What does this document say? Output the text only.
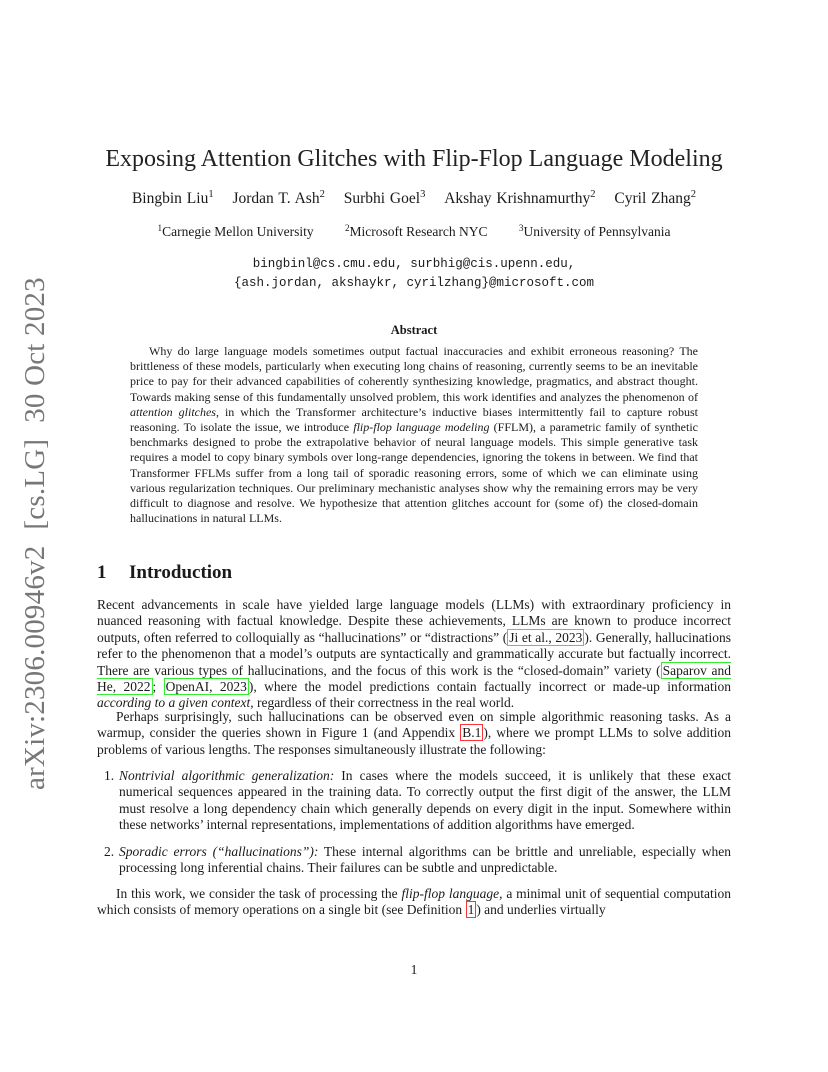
arXiv:2306.00946v2[cs.LG]30 Oct 2023
Exposing Attention Glitches with Flip-Flop Language Modeling
Bingbin Liu$^1$ Jordan T. Ash$^2$ Surbhi Goel$^3$ Akshay Krishnamurthy$^2$ Cyril Zhang$^2$
$^1$Carnegie Mellon University	$^2$Microsoft Research NYC	$^3$University of Pennsylvania
bingbinl@cs.cmu.edu, surbhig@cis.upenn.edu,
{ash.jordan, akshaykr, cyrilzhang}@microsoft.com
Abstract

Why do large language models sometimes output factual inaccuracies and exhibit erroneous reasoning? The brittleness of these models, particularly when executing long chains of reasoning, currently seems to be an inevitable price to pay for their advanced capabilities of coherently synthesizing knowledge, pragmatics, and abstract thought. Towards making sense of this fundamentally unsolved problem, this work identifies and analyzes the phenomenon of attention glitches, in which the Transformer architecture’s inductive biases intermittently fail to capture robust reasoning. To isolate the issue, we introduce flip-flop language modeling (FFLM), a parametric family of synthetic benchmarks designed to probe the extrapolative behavior of neural language models. This simple generative task requires a model to copy binary symbols over long-range dependencies, ignoring the tokens in between. We find that Transformer FFLMs suffer from a long tail of sporadic reasoning errors, some of which we can eliminate using various regularization techniques. Our preliminary mechanistic analyses show why the remaining errors may be very difficult to diagnose and resolve. We hypothesize that attention glitches account for (some of) the closed-domain hallucinations in natural LLMs.

1 Introduction

Recent advancements in scale have yielded large language models (LLMs) with extraordinary proficiency in nuanced reasoning with factual knowledge. Despite these achievements, LLMs are known to produce incorrect outputs, often referred to colloquially as “hallucinations” or “distractions” ( Ji et al., 2023 ). Generally, hallucinations refer to the phenomenon that a model’s outputs are syntactically and grammatically accurate but factually incorrect. There are various types of hallucinations, and the focus of this work is the “closed-domain” variety ( Saparov and He, 2022 ; OpenAI, 2023 ), where the model predictions contain factually incorrect or made-up information according to a given context, regardless of their correctness in the real world.

Perhaps surprisingly, such hallucinations can be observed even on simple algorithmic reasoning tasks. As a warmup, consider the queries shown in Figure 1 (and Appendix B.1 ), where we prompt LLMs to solve addition problems of various lengths. The responses simultaneously illustrate the following:

1. Nontrivial algorithmic generalization: In cases where the models succeed, it is unlikely that these exact numerical sequences appeared in the training data. To correctly output the first digit of the answer, the LLM must resolve a long dependency chain which generally depends on every digit in the input. Somewhere within these networks’ internal representations, implementations of addition algorithms have emerged.
2. Sporadic errors (“hallucinations”): These internal algorithms can be brittle and unreliable, especially when processing long inferential chains. Their failures can be subtle and unpredictable.

In this work, we consider the task of processing the flip-flop language, a minimal unit of sequential computation which consists of memory operations on a single bit (see Definition 1 ) and underlies virtually

1
